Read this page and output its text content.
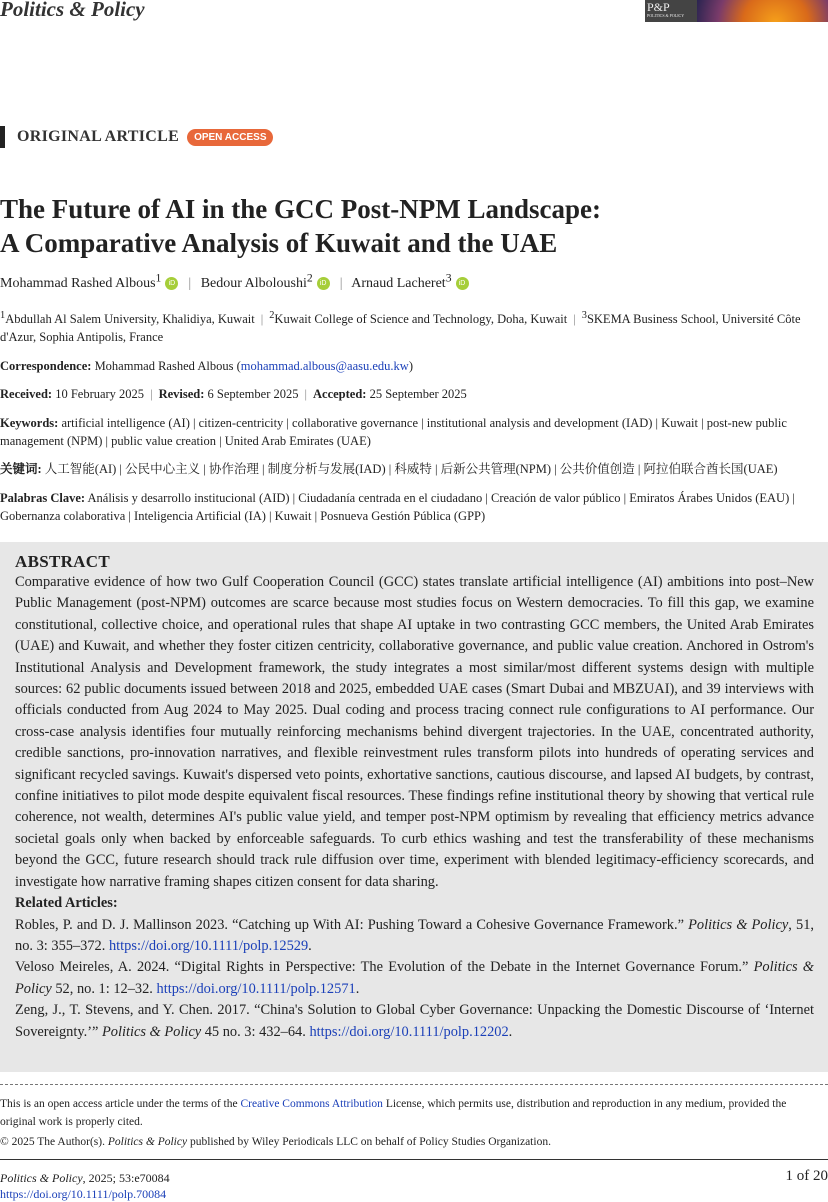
Politics & Policy	P&P
POLITICS & POLICY
ORIGINAL ARTICLE	OPEN ACCESS
The Future of AI in the GCC Post-NPM Landscape:
A Comparative Analysis of Kuwait and the UAE
Mohammad Rashed Albous$^1$ iD | Bedour Alboloushi$^2$ iD | Arnaud Lacheret$^3$ iD
$^1$Abdullah Al Salem University, Khalidiya, Kuwait | $^2$Kuwait College of Science and Technology, Doha, Kuwait | $^3$SKEMA Business School, Université Côte d'Azur, Sophia Antipolis, France
Correspondence: Mohammad Rashed Albous (mohammad.albous@aasu.edu.kw)
Received: 10 February 2025 | Revised: 6 September 2025 | Accepted: 25 September 2025
Keywords: artificial intelligence (AI) | citizen-centricity | collaborative governance | institutional analysis and development (IAD) | Kuwait | post-new public management (NPM) | public value creation | United Arab Emirates (UAE)
关键词: 人工智能(AI) | 公民中心主义 | 协作治理 | 制度分析与发展(IAD) | 科威特 | 后新公共管理(NPM) | 公共价值创造 | 阿拉伯联合酋长国(UAE)
Palabras Clave: Análisis y desarrollo institucional (AID) | Ciudadanía centrada en el ciudadano | Creación de valor público | Emiratos Árabes Unidos (EAU) | Gobernanza colaborativa | Inteligencia Artificial (IA) | Kuwait | Posnueva Gestión Pública (GPP)
ABSTRACT

Comparative evidence of how two Gulf Cooperation Council (GCC) states translate artificial intelligence (AI) ambitions into post–New Public Management (post-NPM) outcomes are scarce because most studies focus on Western democracies. To fill this gap, we examine constitutional, collective choice, and operational rules that shape AI uptake in two contrasting GCC members, the United Arab Emirates (UAE) and Kuwait, and whether they foster citizen centricity, collaborative governance, and public value creation. Anchored in Ostrom's Institutional Analysis and Development framework, the study integrates a most similar/most different systems design with multiple sources: 62 public documents issued between 2018 and 2025, embedded UAE cases (Smart Dubai and MBZUAI), and 39 interviews with officials conducted from Aug 2024 to May 2025. Dual coding and process tracing connect rule configurations to AI performance. Our cross-case analysis identifies four mutually reinforcing mechanisms behind divergent trajectories. In the UAE, concentrated authority, credible sanctions, pro-innovation narratives, and flexible reinvestment rules transform pilots into hundreds of operating services and significant recycled savings. Kuwait's dispersed veto points, exhortative sanctions, cautious discourse, and lapsed AI budgets, by contrast, confine initiatives to pilot mode despite equivalent fiscal resources. These findings refine institutional theory by showing that vertical rule coherence, not wealth, determines AI's public value yield, and temper post-NPM optimism by revealing that efficiency metrics advance societal goals only when backed by enforceable safeguards. To curb ethics washing and test the transferability of these mechanisms beyond the GCC, future research should track rule diffusion over time, experiment with blended legitimacy-efficiency scorecards, and investigate how narrative framing shapes citizen consent for data sharing.

Related Articles:

Robles, P. and D. J. Mallinson 2023. “Catching up With AI: Pushing Toward a Cohesive Governance Framework.” Politics & Policy, 51, no. 3: 355–372. https://doi.org/10.1111/polp.12529.

Veloso Meireles, A. 2024. “Digital Rights in Perspective: The Evolution of the Debate in the Internet Governance Forum.” Politics & Policy 52, no. 1: 12–32. https://doi.org/10.1111/polp.12571.

Zeng, J., T. Stevens, and Y. Chen. 2017. “China's Solution to Global Cyber Governance: Unpacking the Domestic Discourse of ‘Internet Sovereignty.’” Politics & Policy 45 no. 3: 432–64. https://doi.org/10.1111/polp.12202.

This is an open access article under the terms of the Creative Commons Attribution License, which permits use, distribution and reproduction in any medium, provided the original work is properly cited.
© 2025 The Author(s). Politics & Policy published by Wiley Periodicals LLC on behalf of Policy Studies Organization.
Politics & Policy, 2025; 53:e70084
https://doi.org/10.1111/polp.70084
1 of 20
